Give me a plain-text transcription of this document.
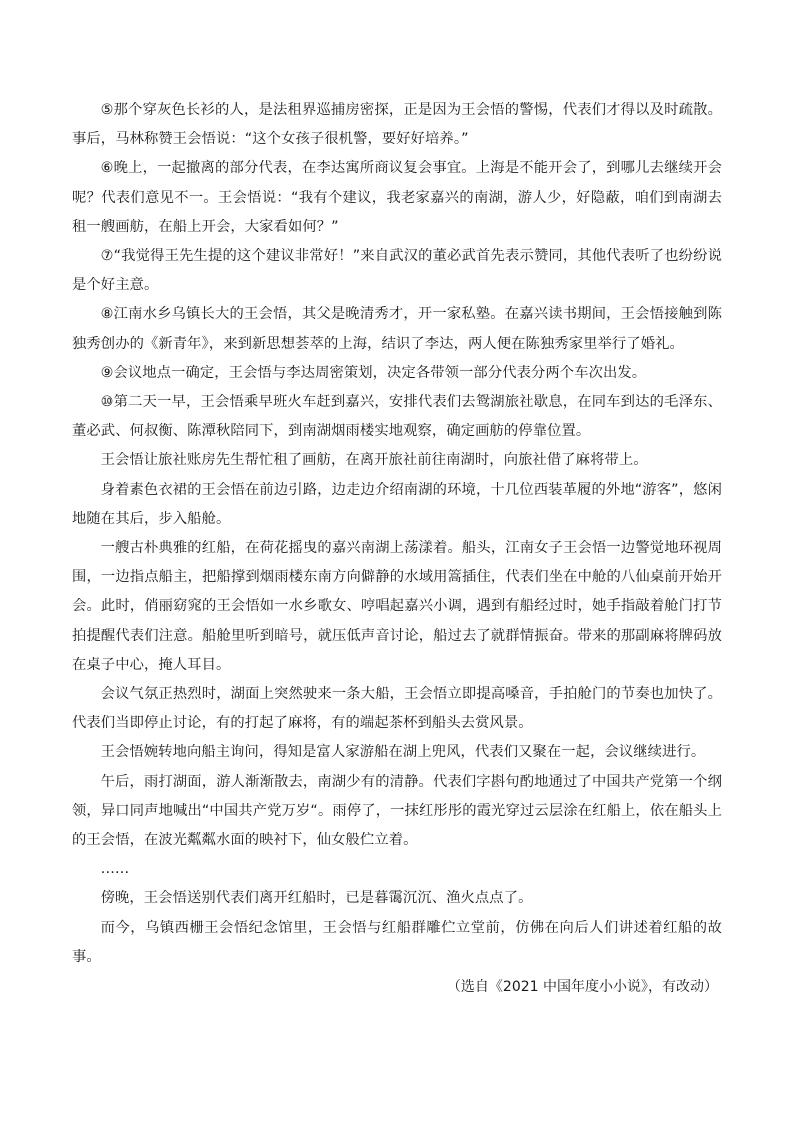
⑤那个穿灰色长衫的人，是法租界巡捕房密探，正是因为王会悟的警惕，代表们才得以及时疏散。事后，马林称赞王会悟说：“这个女孩子很机警，要好好培养。”

⑥晚上，一起撤离的部分代表，在李达寓所商议复会事宜。上海是不能开会了，到哪儿去继续开会呢？代表们意见不一。王会悟说：“我有个建议，我老家嘉兴的南湖，游人少，好隐蔽，咱们到南湖去租一艘画舫，在船上开会，大家看如何？”

⑦“我觉得王先生提的这个建议非常好！”来自武汉的董必武首先表示赞同，其他代表听了也纷纷说是个好主意。

⑧江南水乡乌镇长大的王会悟，其父是晚清秀才，开一家私塾。在嘉兴读书期间，王会悟接触到陈独秀创办的《新青年》，来到新思想荟萃的上海，结识了李达，两人便在陈独秀家里举行了婚礼。

⑨会议地点一确定，王会悟与李达周密策划，决定各带领一部分代表分两个车次出发。

⑩第二天一早，王会悟乘早班火车赶到嘉兴，安排代表们去鸳湖旅社歇息，在同车到达的毛泽东、董必武、何叔衡、陈潭秋陪同下，到南湖烟雨楼实地观察，确定画舫的停靠位置。

王会悟让旅社账房先生帮忙租了画舫，在离开旅社前往南湖时，向旅社借了麻将带上。

身着素色衣裙的王会悟在前边引路，边走边介绍南湖的环境，十几位西装革履的外地“游客”，悠闲地随在其后，步入船舱。

一艘古朴典雅的红船，在荷花摇曳的嘉兴南湖上荡漾着。船头，江南女子王会悟一边警觉地环视周围，一边指点船主，把船撑到烟雨楼东南方向僻静的水域用篙插住，代表们坐在中舱的八仙桌前开始开会。此时，俏丽窈窕的王会悟如一水乡歌女、哼唱起嘉兴小调，遇到有船经过时，她手指敲着舱门打节拍提醒代表们注意。船舱里听到暗号，就压低声音讨论，船过去了就群情振奋。带来的那副麻将牌码放在桌子中心，掩人耳目。

会议气氛正热烈时，湖面上突然驶来一条大船，王会悟立即提高嗓音，手拍舱门的节奏也加快了。代表们当即停止讨论，有的打起了麻将，有的端起茶杯到船头去赏风景。

王会悟婉转地向船主询问，得知是富人家游船在湖上兜风，代表们又聚在一起，会议继续进行。

午后，雨打湖面，游人渐渐散去，南湖少有的清静。代表们字斟句酌地通过了中国共产党第一个纲领，异口同声地喊出“中国共产党万岁“。雨停了，一抹红彤彤的霞光穿过云层涂在红船上，依在船头上的王会悟，在波光粼粼水面的映衬下，仙女般伫立着。

……

傍晚，王会悟送别代表们离开红船时，已是暮霭沉沉、渔火点点了。

而今，乌镇西栅王会悟纪念馆里，王会悟与红船群雕伫立堂前，仿佛在向后人们讲述着红船的故事。

（选自《2021 中国年度小小说》，有改动）
